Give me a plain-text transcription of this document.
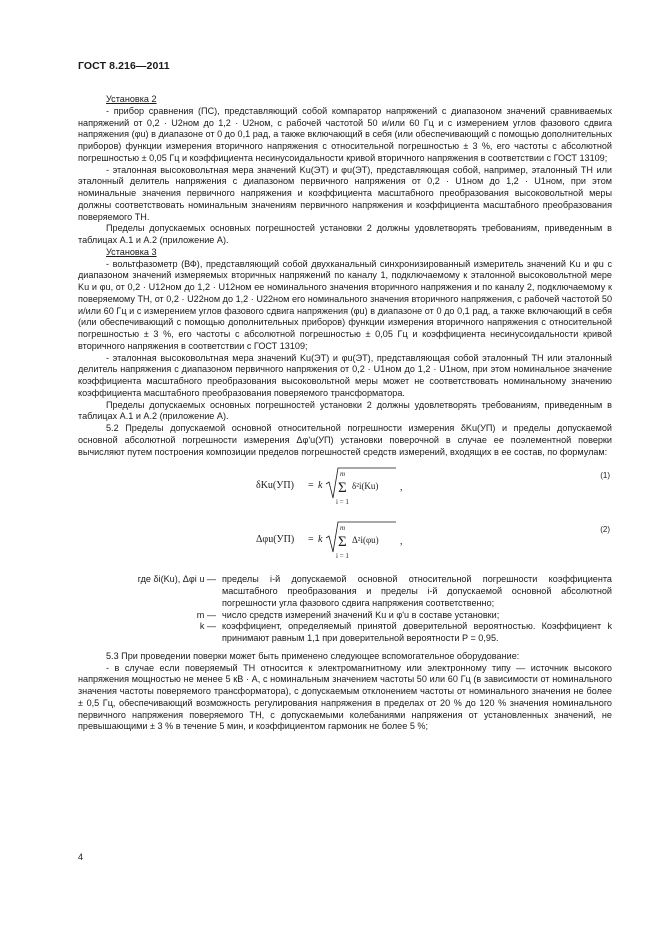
ГОСТ 8.216—2011

Установка 2

- прибор сравнения (ПС), представляющий собой компаратор напряжений с диапазоном значений сравниваемых напряжений от 0,2 · U2ном до 1,2 · U2ном, с рабочей частотой 50 и/или 60 Гц и с измерением углов фазового сдвига напряжения (φu) в диапазоне от 0 до 0,1 рад, а также включающий в себя (или обеспечивающий с помощью дополнительных приборов) функции измерения вторичного напряжения с относительной погрешностью ± 3 %, его частоты с абсолютной погрешностью ± 0,05 Гц и коэффициента несинусоидальности кривой вторичного напряжения в соответствии с ГОСТ 13109;

- эталонная высоковольтная мера значений Ku(ЭТ) и φu(ЭТ), представляющая собой, например, эталонный ТН или эталонный делитель напряжения с диапазоном первичного напряжения от 0,2 · U1ном до 1,2 · U1ном, при этом номинальные значения первичного напряжения и коэффициента масштабного преобразования высоковольтной меры должны соответствовать номинальным значениям первичного напряжения и коэффициента масштабного преобразования поверяемого ТН.

Пределы допускаемых основных погрешностей установки 2 должны удовлетворять требованиям, приведенным в таблицах А.1 и А.2 (приложение А).

Установка 3

- вольтфазометр (ВФ), представляющий собой двухканальный синхронизированный измеритель значений Ku и φu с диапазоном значений измеряемых вторичных напряжений по каналу 1, подключаемому к эталонной высоковольтной мере Ku и φu, от 0,2 · U12ном до 1,2 · U12ном ее номинального значения вторичного напряжения и по каналу 2, подключаемому к поверяемому ТН, от 0,2 · U22ном до 1,2 · U22ном его номинального значения вторичного напряжения, с рабочей частотой 50 и/или 60 Гц и с измерением углов фазового сдвига напряжения (φu) в диапазоне от 0 до 0,1 рад, а также включающий в себя (или обеспечивающий с помощью дополнительных приборов) функции измерения вторичного напряжения с относительной погрешностью ± 3 %, его частоты с абсолютной погрешностью ± 0,05 Гц и коэффициента несинусоидальности кривой вторичного напряжения в соответствии с ГОСТ 13109;

- эталонная высоковольтная мера значений Ku(ЭТ) и φu(ЭТ), представляющая собой эталонный ТН или эталонный делитель напряжения с диапазоном первичного напряжения от 0,2 · U1ном до 1,2 · U1ном, при этом номинальное значение коэффициента масштабного преобразования высоковольтной меры может не соответствовать номинальному значению коэффициента масштабного преобразования поверяемого трансформатора.

Пределы допускаемых основных погрешностей установки 2 должны удовлетворять требованиям, приведенным в таблицах А.1 и А.2 (приложение А).

5.2 Пределы допускаемой основной относительной погрешности измерения δKu(УП) и пределы допускаемой основной абсолютной погрешности измерения Δφ'u(УП) установки поверочной в случае ее поэлементной поверки вычисляют путем построения композиции пределов погрешностей средств измерений, входящих в ее состав, по формулам:

δKu(УП) = k
m
Σ
i = 1
δ²i(Ku) ,
(1)
Δφu(УП) = k
m
Σ
i = 1
Δ²i(φu) ,
(2)
где δi(Ku), Δφi u — пределы i-й допускаемой основной относительной погрешности коэффициента масштабного преобразования и пределы i-й допускаемой основной абсолютной погрешности угла фазового сдвига напряжения соответственно;
m — число средств измерений значений Ku и φ'u в составе установки;
k — коэффициент, определяемый принятой доверительной вероятностью. Коэффициент k принимают равным 1,1 при доверительной вероятности P = 0,95.

5.3 При проведении поверки может быть применено следующее вспомогательное оборудование:

- в случае если поверяемый ТН относится к электромагнитному или электронному типу — источник высокого напряжения мощностью не менее 5 кВ · А, с номинальным значением частоты 50 или 60 Гц (в зависимости от номинального значения частоты поверяемого трансформатора), с допускаемым отклонением частоты от номинального значения не более ± 0,5 Гц, обеспечивающий возможность регулирования напряжения в пределах от 20 % до 120 % значения номинального первичного напряжения поверяемого ТН, с допускаемыми колебаниями напряжения от установленных значений, не превышающими ± 3 % в течение 5 мин, и коэффициентом гармоник не более 5 %;

4
